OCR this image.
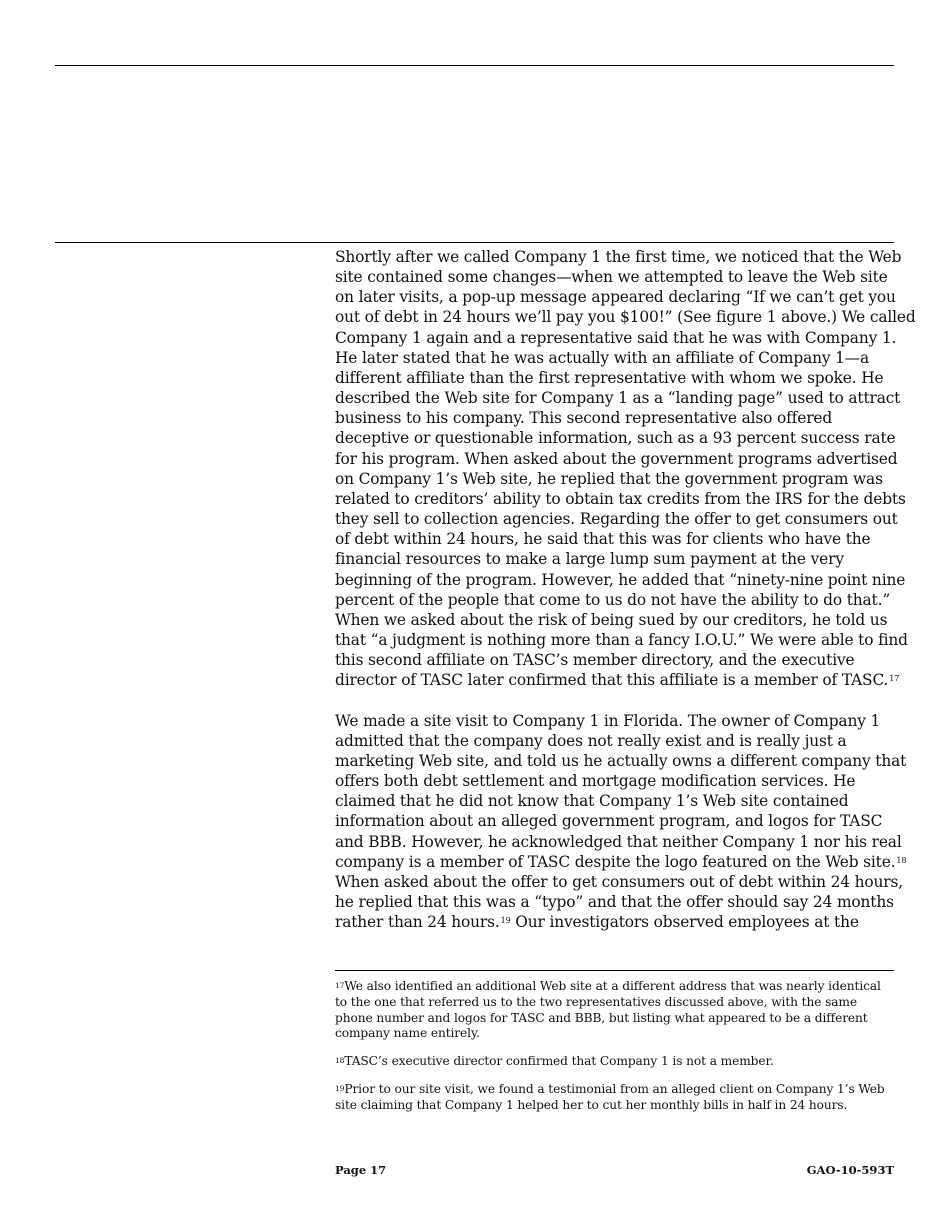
Shortly after we called Company 1 the first time, we noticed that the Web
site contained some changes—when we attempted to leave the Web site
on later visits, a pop-up message appeared declaring “If we can’t get you
out of debt in 24 hours we’ll pay you $100!” (See figure 1 above.) We called
Company 1 again and a representative said that he was with Company 1.
He later stated that he was actually with an affiliate of Company 1—a
different affiliate than the first representative with whom we spoke. He
described the Web site for Company 1 as a “landing page” used to attract
business to his company. This second representative also offered
deceptive or questionable information, such as a 93 percent success rate
for his program. When asked about the government programs advertised
on Company 1’s Web site, he replied that the government program was
related to creditors’ ability to obtain tax credits from the IRS for the debts
they sell to collection agencies. Regarding the offer to get consumers out
of debt within 24 hours, he said that this was for clients who have the
financial resources to make a large lump sum payment at the very
beginning of the program. However, he added that “ninety-nine point nine
percent of the people that come to us do not have the ability to do that.”
When we asked about the risk of being sued by our creditors, he told us
that “a judgment is nothing more than a fancy I.O.U.” We were able to find
this second affiliate on TASC’s member directory, and the executive
director of TASC later confirmed that this affiliate is a member of TASC.$^{17}$

We made a site visit to Company 1 in Florida. The owner of Company 1
admitted that the company does not really exist and is really just a
marketing Web site, and told us he actually owns a different company that
offers both debt settlement and mortgage modification services. He
claimed that he did not know that Company 1’s Web site contained
information about an alleged government program, and logos for TASC
and BBB. However, he acknowledged that neither Company 1 nor his real
company is a member of TASC despite the logo featured on the Web site.$^{18}$
When asked about the offer to get consumers out of debt within 24 hours,
he replied that this was a “typo” and that the offer should say 24 months
rather than 24 hours.$^{19}$ Our investigators observed employees at the

$^{17}$We also identified an additional Web site at a different address that was nearly identical to the one that referred us to the two representatives discussed above, with the same phone number and logos for TASC and BBB, but listing what appeared to be a different company name entirely.

$^{18}$TASC’s executive director confirmed that Company 1 is not a member.

$^{19}$Prior to our site visit, we found a testimonial from an alleged client on Company 1’s Web site claiming that Company 1 helped her to cut her monthly bills in half in 24 hours.

Page 17	GAO-10-593T
